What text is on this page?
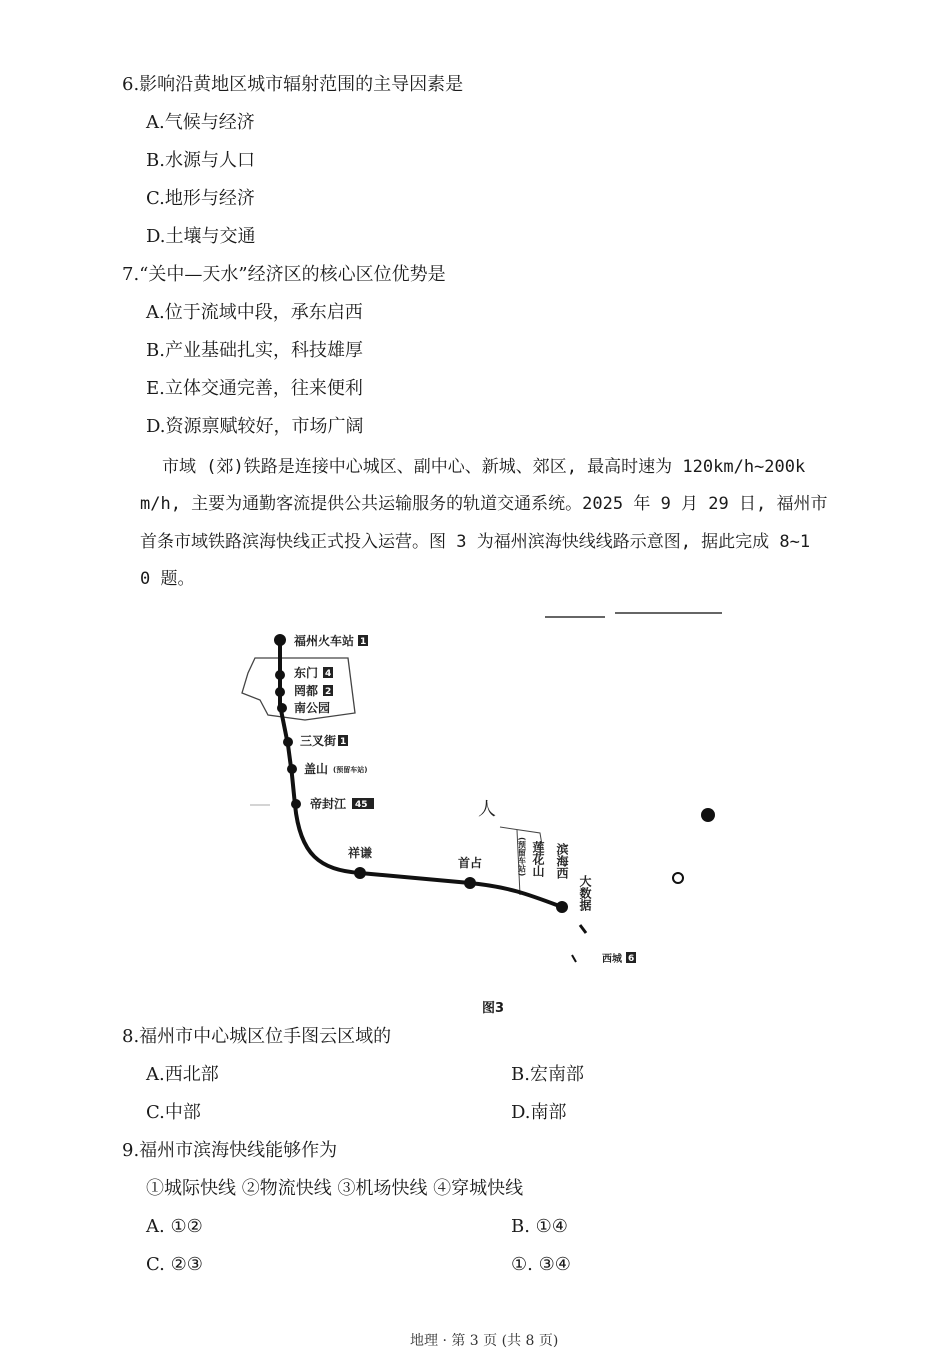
6.影响沿黄地区城市辐射范围的主导因素是
A.气候与经济
B.水源与人口
C.地形与经济
D.土壤与交通
7.“关中—天水”经济区的核心区位优势是
A.位于流域中段，承东启西
B.产业基础扎实，科技雄厚
E.立体交通完善，往来便利
D.资源禀赋较好，市场广阔
市域 (郊)铁路是连接中心城区、副中心、新城、郊区, 最高时速为 120km/h~200k
m/h, 主要为通勤客流提供公共运输服务的轨道交通系统。2025 年 9 月 29 日, 福州市
首条市域铁路滨海快线正式投入运营。图 3 为福州滨海快线线路示意图, 据此完成 8~1
0 题。
福州火车站 1
东门 4
罔都 2
南公园
三叉街 1
盖山 (预留车站)
帝封江 45
祥谦
首占	(预留车站) 莲花山 滨海西
大数据
西城 6
人
图3
8.福州市中心城区位手图云区域的
A.西北部	B.宏南部
C.中部	D.南部
9.福州市滨海快线能够作为
①城际快线 ②物流快线 ③机场快线 ④穿城快线
A. ①②	B. ①④
C. ②③	①. ③④
地理 · 第 3 页 (共 8 页)
